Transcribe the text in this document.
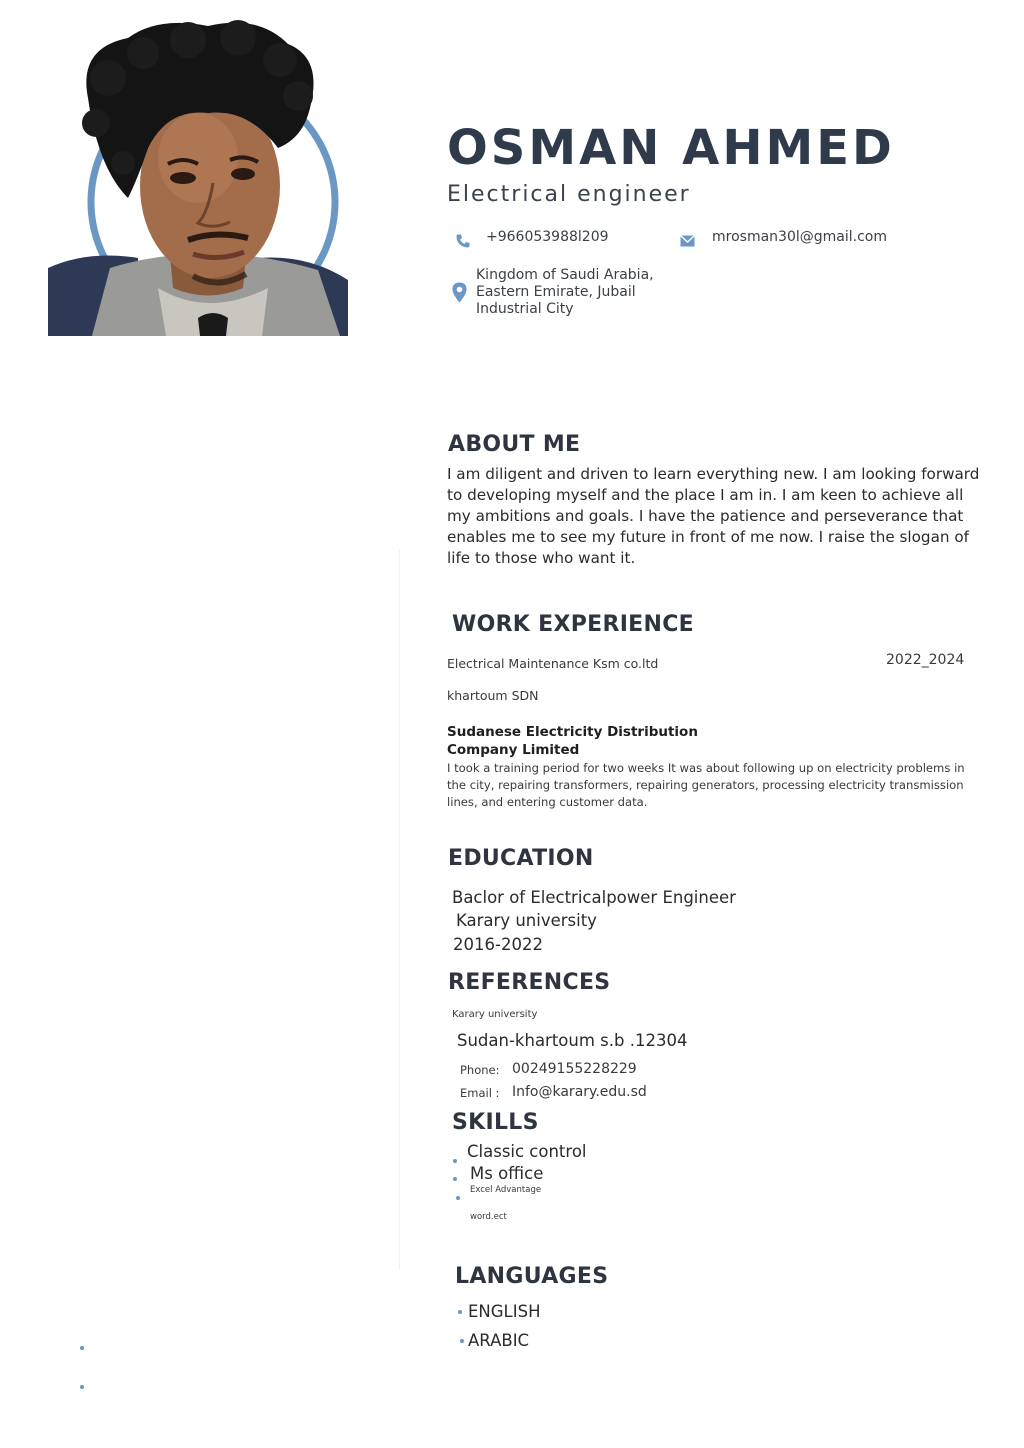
OSMAN AHMED
Electrical engineer
+966053988l209	mrosman30l@gmail.com
Kingdom of Saudi Arabia,
Eastern Emirate, Jubail
Industrial City
ABOUT ME
I am diligent and driven to learn everything new. I am looking forward
to developing myself and the place I am in. I am keen to achieve all
my ambitions and goals. I have the patience and perseverance that
enables me to see my future in front of me now. I raise the slogan of
life to those who want it.
WORK EXPERIENCE
Electrical Maintenance Ksm co.ltd	2022_2024
khartoum SDN
Sudanese Electricity Distribution
Company Limited
I took a training period for two weeks It was about following up on electricity problems in
the city, repairing transformers, repairing generators, processing electricity transmission
lines, and entering customer data.
EDUCATION
Baclor of Electricalpower Engineer
Karary university
2016-2022
REFERENCES
Karary university
Sudan-khartoum s.b .12304
Phone: 00249155228229
Email : Info@karary.edu.sd
SKILLS
Classic control
Ms office
Excel Advantage
word.ect
LANGUAGES
ENGLISH
ARABIC
